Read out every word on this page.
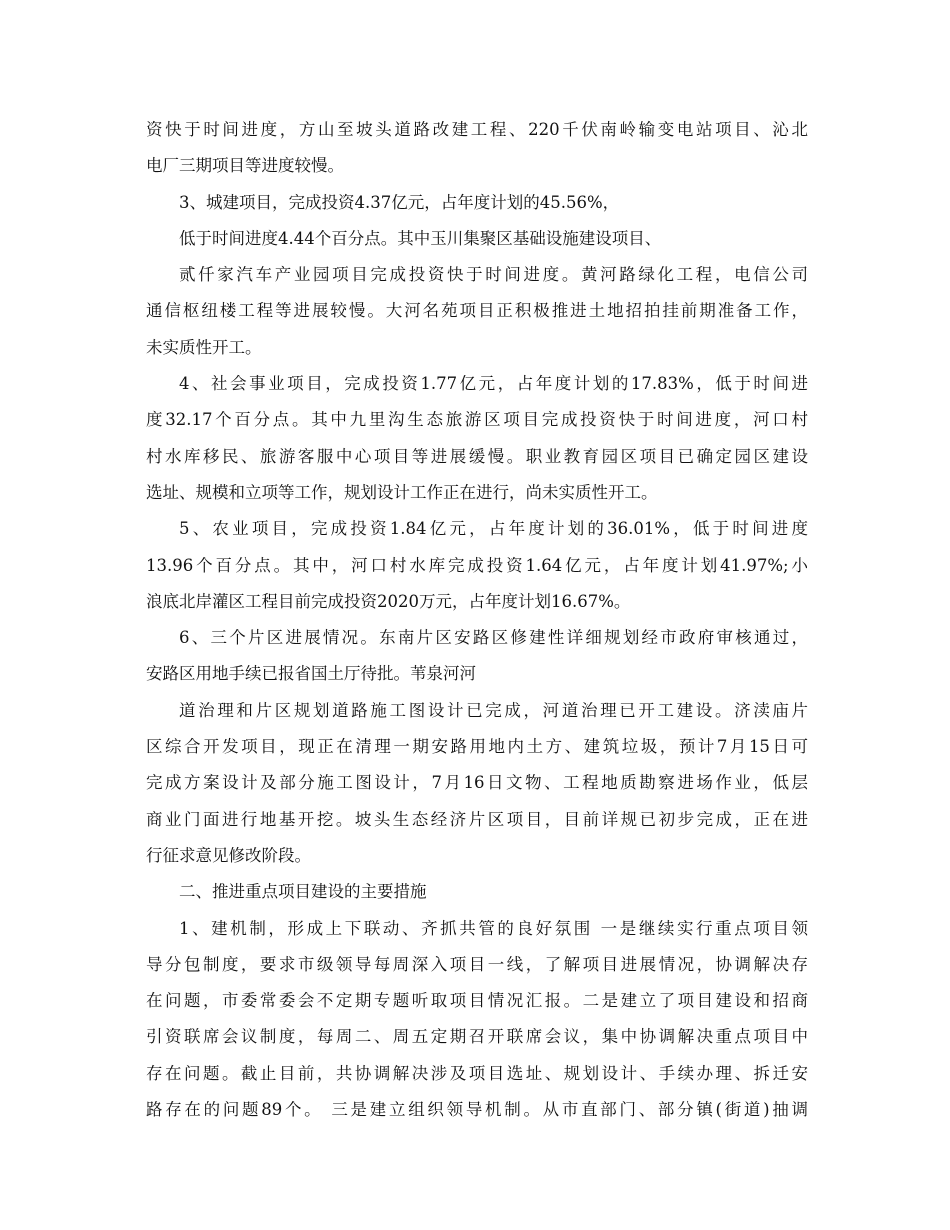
资快于时间进度，方山至坡头道路改建工程、220千伏南岭输变电站项目、沁北
电厂三期项目等进度较慢。
3、城建项目，完成投资4.37亿元，占年度计划的45.56%，
低于时间进度4.44个百分点。其中玉川集聚区基础设施建设项目、
贰仟家汽车产业园项目完成投资快于时间进度。黄河路绿化工程，电信公司
通信枢纽楼工程等进展较慢。大河名苑项目正积极推进土地招拍挂前期准备工作，
未实质性开工。
4、社会事业项目，完成投资1.77亿元，占年度计划的17.83%，低于时间进
度32.17个百分点。其中九里沟生态旅游区项目完成投资快于时间进度，河口村
村水库移民、旅游客服中心项目等进展缓慢。职业教育园区项目已确定园区建设
选址、规模和立项等工作，规划设计工作正在进行，尚未实质性开工。
5、农业项目，完成投资1.84亿元，占年度计划的36.01%，低于时间进度
13.96个百分点。其中，河口村水库完成投资1.64亿元，占年度计划41.97%;小
浪底北岸灌区工程目前完成投资2020万元，占年度计划16.67%。
6、三个片区进展情况。东南片区安路区修建性详细规划经市政府审核通过，
安路区用地手续已报省国土厅待批。苇泉河河
道治理和片区规划道路施工图设计已完成，河道治理已开工建设。济渎庙片
区综合开发项目，现正在清理一期安路用地内土方、建筑垃圾，预计7月15日可
完成方案设计及部分施工图设计，7月16日文物、工程地质勘察进场作业，低层
商业门面进行地基开挖。坡头生态经济片区项目，目前详规已初步完成，正在进
行征求意见修改阶段。
二、推进重点项目建设的主要措施
1、建机制，形成上下联动、齐抓共管的良好氛围 一是继续实行重点项目领
导分包制度，要求市级领导每周深入项目一线，了解项目进展情况，协调解决存
在问题，市委常委会不定期专题听取项目情况汇报。二是建立了项目建设和招商
引资联席会议制度，每周二、周五定期召开联席会议，集中协调解决重点项目中
存在问题。截止目前，共协调解决涉及项目选址、规划设计、手续办理、拆迁安
路存在的问题89个。 三是建立组织领导机制。从市直部门、部分镇(街道)抽调
